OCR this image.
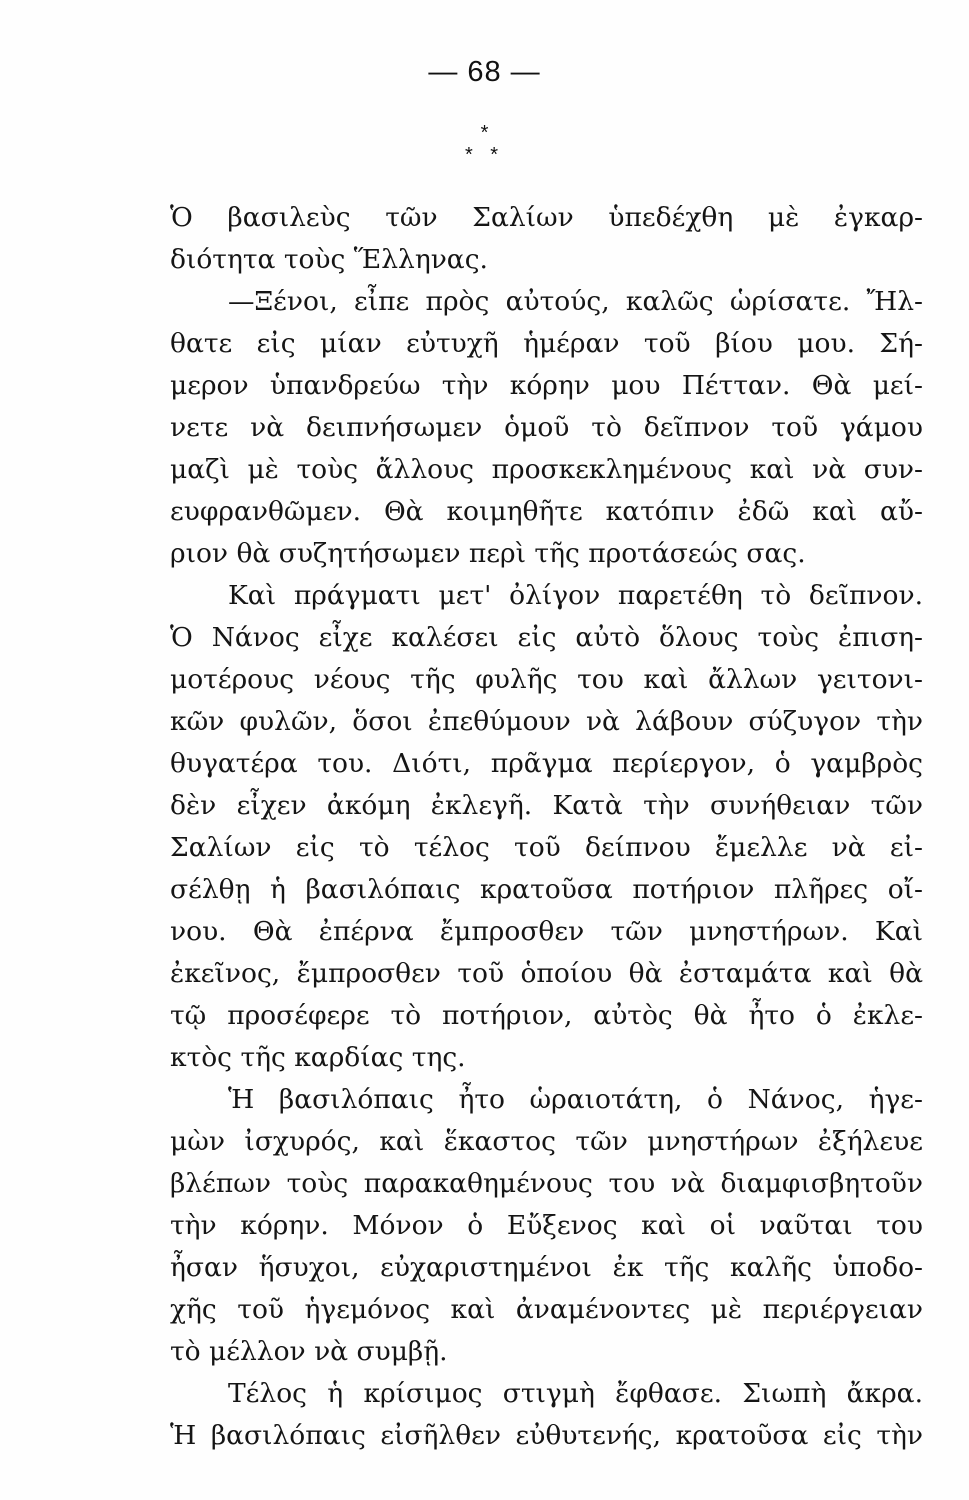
— 68 —
*
* *
Ὁ βασιλεὺς τῶν Σαλίων ὑπεδέχθη μὲ ἐγκαρ-
διότητα τοὺς Ἕλληνας.
—Ξένοι, εἶπε πρὸς αὐτούς, καλῶς ὡρίσατε. Ἤλ-
θατε εἰς μίαν εὐτυχῆ ἡμέραν τοῦ βίου μου. Σή-
μερον ὑπανδρεύω τὴν κόρην μου Πέτταν. Θὰ μεί-
νετε νὰ δειπνήσωμεν ὁμοῦ τὸ δεῖπνον τοῦ γάμου
μαζὶ μὲ τοὺς ἄλλους προσκεκλημένους καὶ νὰ συν-
ευφρανθῶμεν. Θὰ κοιμηθῆτε κατόπιν ἐδῶ καὶ αὔ-
ριον θὰ συζητήσωμεν περὶ τῆς προτάσεώς σας.
Καὶ πράγματι μετ' ὀλίγον παρετέθη τὸ δεῖπνον.
Ὁ Νάνος εἶχε καλέσει εἰς αὐτὸ ὅλους τοὺς ἐπιση-
μοτέρους νέους τῆς φυλῆς του καὶ ἄλλων γειτονι-
κῶν φυλῶν, ὅσοι ἐπεθύμουν νὰ λάβουν σύζυγον τὴν
θυγατέρα του. Διότι, πρᾶγμα περίεργον, ὁ γαμβρὸς
δὲν εἶχεν ἀκόμη ἐκλεγῆ. Κατὰ τὴν συνήθειαν τῶν
Σαλίων εἰς τὸ τέλος τοῦ δείπνου ἔμελλε νὰ εἰ-
σέλθῃ ἡ βασιλόπαις κρατοῦσα ποτήριον πλῆρες οἴ-
νου. Θὰ ἐπέρνα ἔμπροσθεν τῶν μνηστήρων. Καὶ
ἐκεῖνος, ἔμπροσθεν τοῦ ὁποίου θὰ ἐσταμάτα καὶ θὰ
τῷ προσέφερε τὸ ποτήριον, αὐτὸς θὰ ἦτο ὁ ἐκλε-
κτὸς τῆς καρδίας της.
Ἡ βασιλόπαις ἦτο ὡραιοτάτη, ὁ Νάνος, ἡγε-
μὼν ἰσχυρός, καὶ ἕκαστος τῶν μνηστήρων ἐξήλευε
βλέπων τοὺς παρακαθημένους του νὰ διαμφισβητοῦν
τὴν κόρην. Μόνον ὁ Εὔξενος καὶ οἱ ναῦται του
ἦσαν ἥσυχοι, εὐχαριστημένοι ἐκ τῆς καλῆς ὑποδο-
χῆς τοῦ ἡγεμόνος καὶ ἀναμένοντες μὲ περιέργειαν
τὸ μέλλον νὰ συμβῇ.
Τέλος ἡ κρίσιμος στιγμὴ ἔφθασε. Σιωπὴ ἄκρα.
Ἡ βασιλόπαις εἰσῆλθεν εὐθυτενής, κρατοῦσα εἰς τὴν
